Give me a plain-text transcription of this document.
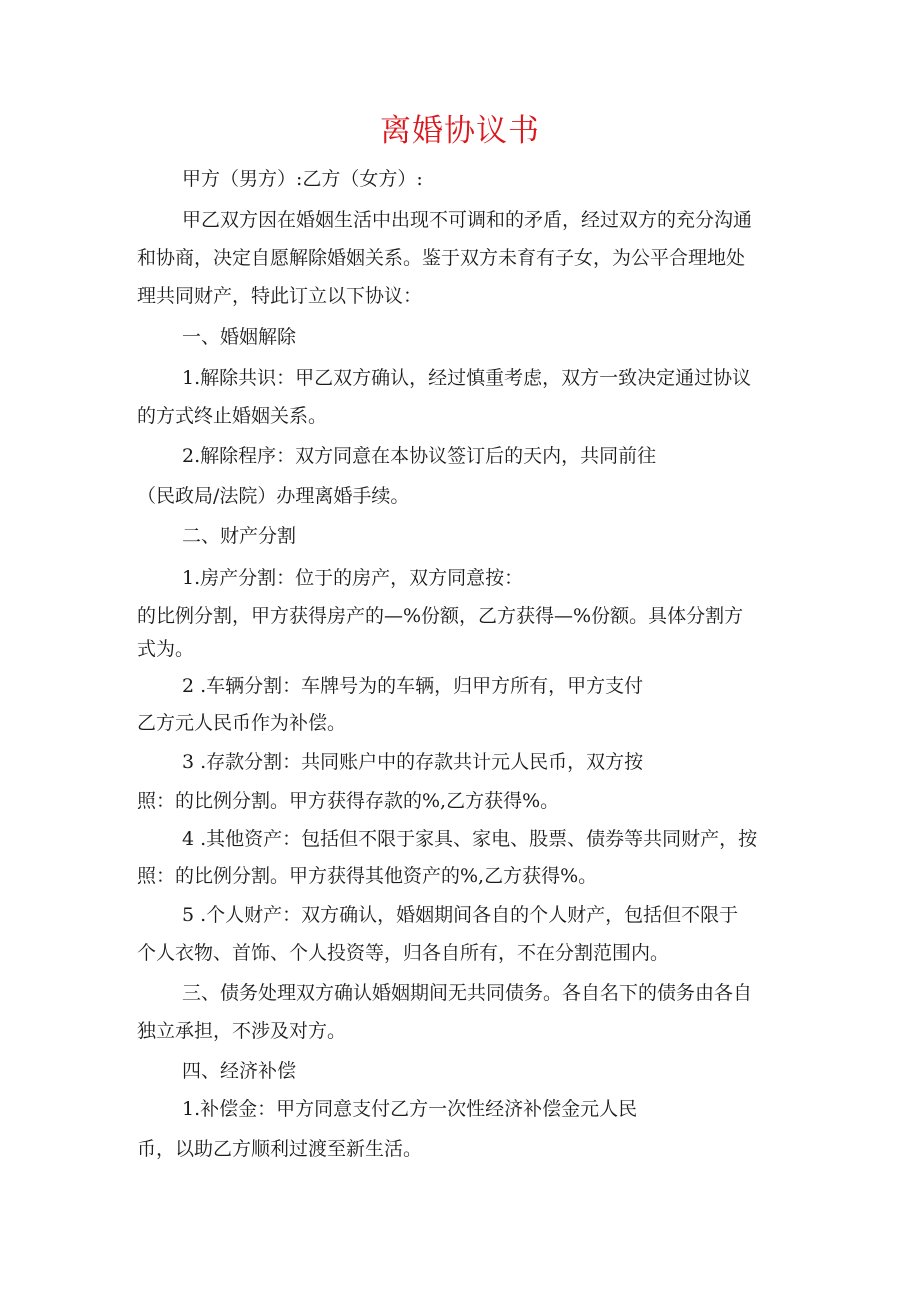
离婚协议书
甲方（男方）:乙方（女方）:
甲乙双方因在婚姻生活中出现不可调和的矛盾，经过双方的充分沟通
和协商，决定自愿解除婚姻关系。鉴于双方未育有子女，为公平合理地处
理共同财产，特此订立以下协议：
一、婚姻解除
1.解除共识：甲乙双方确认，经过慎重考虑，双方一致决定通过协议
的方式终止婚姻关系。
2.解除程序：双方同意在本协议签订后的天内，共同前往
（民政局/法院）办理离婚手续。
二、财产分割
1.房产分割：位于的房产，双方同意按：
的比例分割，甲方获得房产的—%份额，乙方获得—%份额。具体分割方
式为。
2 .车辆分割：车牌号为的车辆，归甲方所有，甲方支付
乙方元人民币作为补偿。
3 .存款分割：共同账户中的存款共计元人民币，双方按
照：的比例分割。甲方获得存款的%,乙方获得%。
4 .其他资产：包括但不限于家具、家电、股票、债券等共同财产，按
照：的比例分割。甲方获得其他资产的%,乙方获得%。
5 .个人财产：双方确认，婚姻期间各自的个人财产，包括但不限于
个人衣物、首饰、个人投资等，归各自所有，不在分割范围内。
三、债务处理双方确认婚姻期间无共同债务。各自名下的债务由各自
独立承担，不涉及对方。
四、经济补偿
1.补偿金：甲方同意支付乙方一次性经济补偿金元人民
币，以助乙方顺利过渡至新生活。
